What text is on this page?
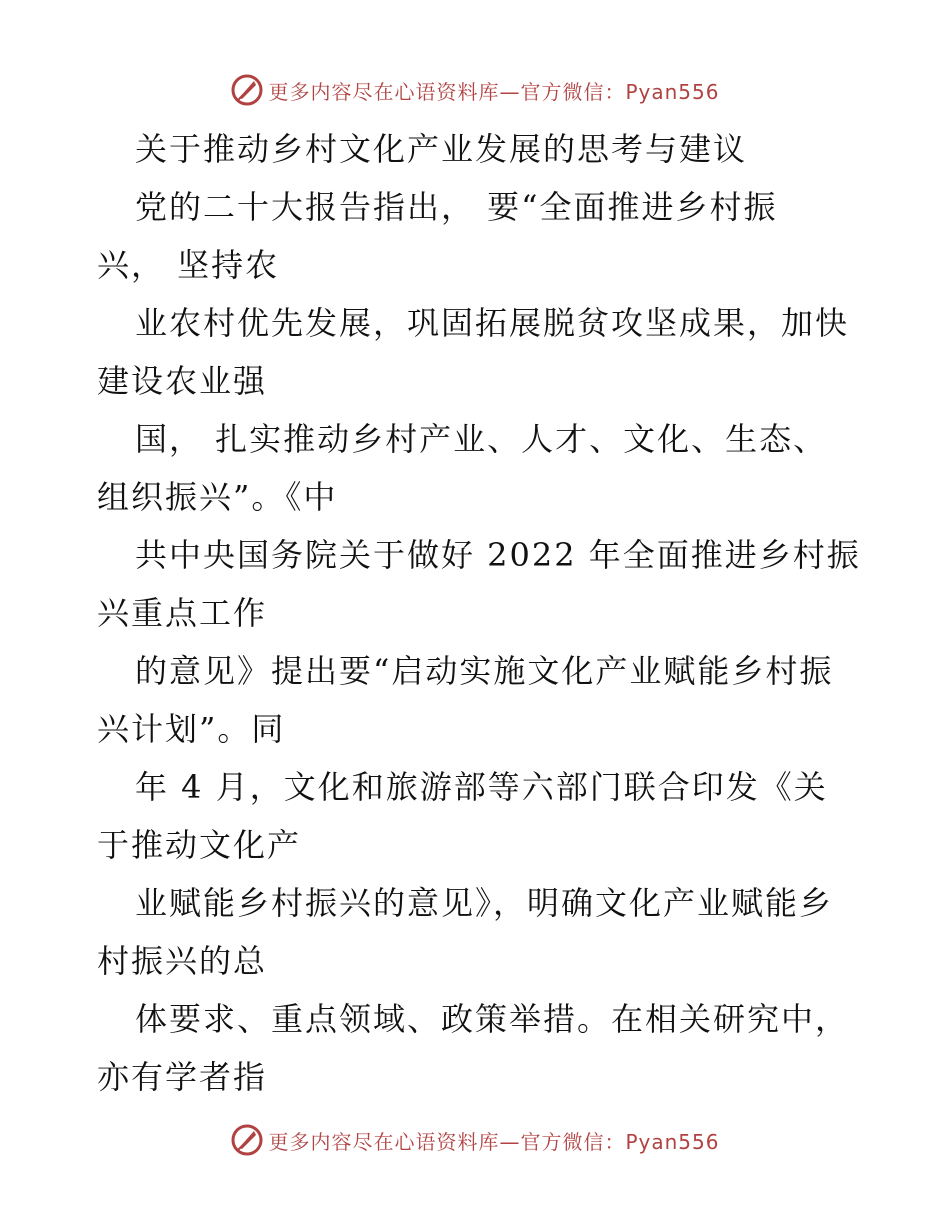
更多内容尽在心语资料库—官方微信：Pyan556
关于推动乡村文化产业发展的思考与建议
党的二十大报告指出， 要“全面推进乡村振
兴， 坚持农
业农村优先发展，巩固拓展脱贫攻坚成果，加快
建设农业强
国， 扎实推动乡村产业、人才、文化、生态、
组织振兴”。《中
共中央国务院关于做好 2022 年全面推进乡村振
兴重点工作
的意见》提出要“启动实施文化产业赋能乡村振
兴计划”。同
年 4 月，文化和旅游部等六部门联合印发《关
于推动文化产
业赋能乡村振兴的意见》，明确文化产业赋能乡
村振兴的总
体要求、重点领域、政策举措。在相关研究中，
亦有学者指
更多内容尽在心语资料库—官方微信：Pyan556
